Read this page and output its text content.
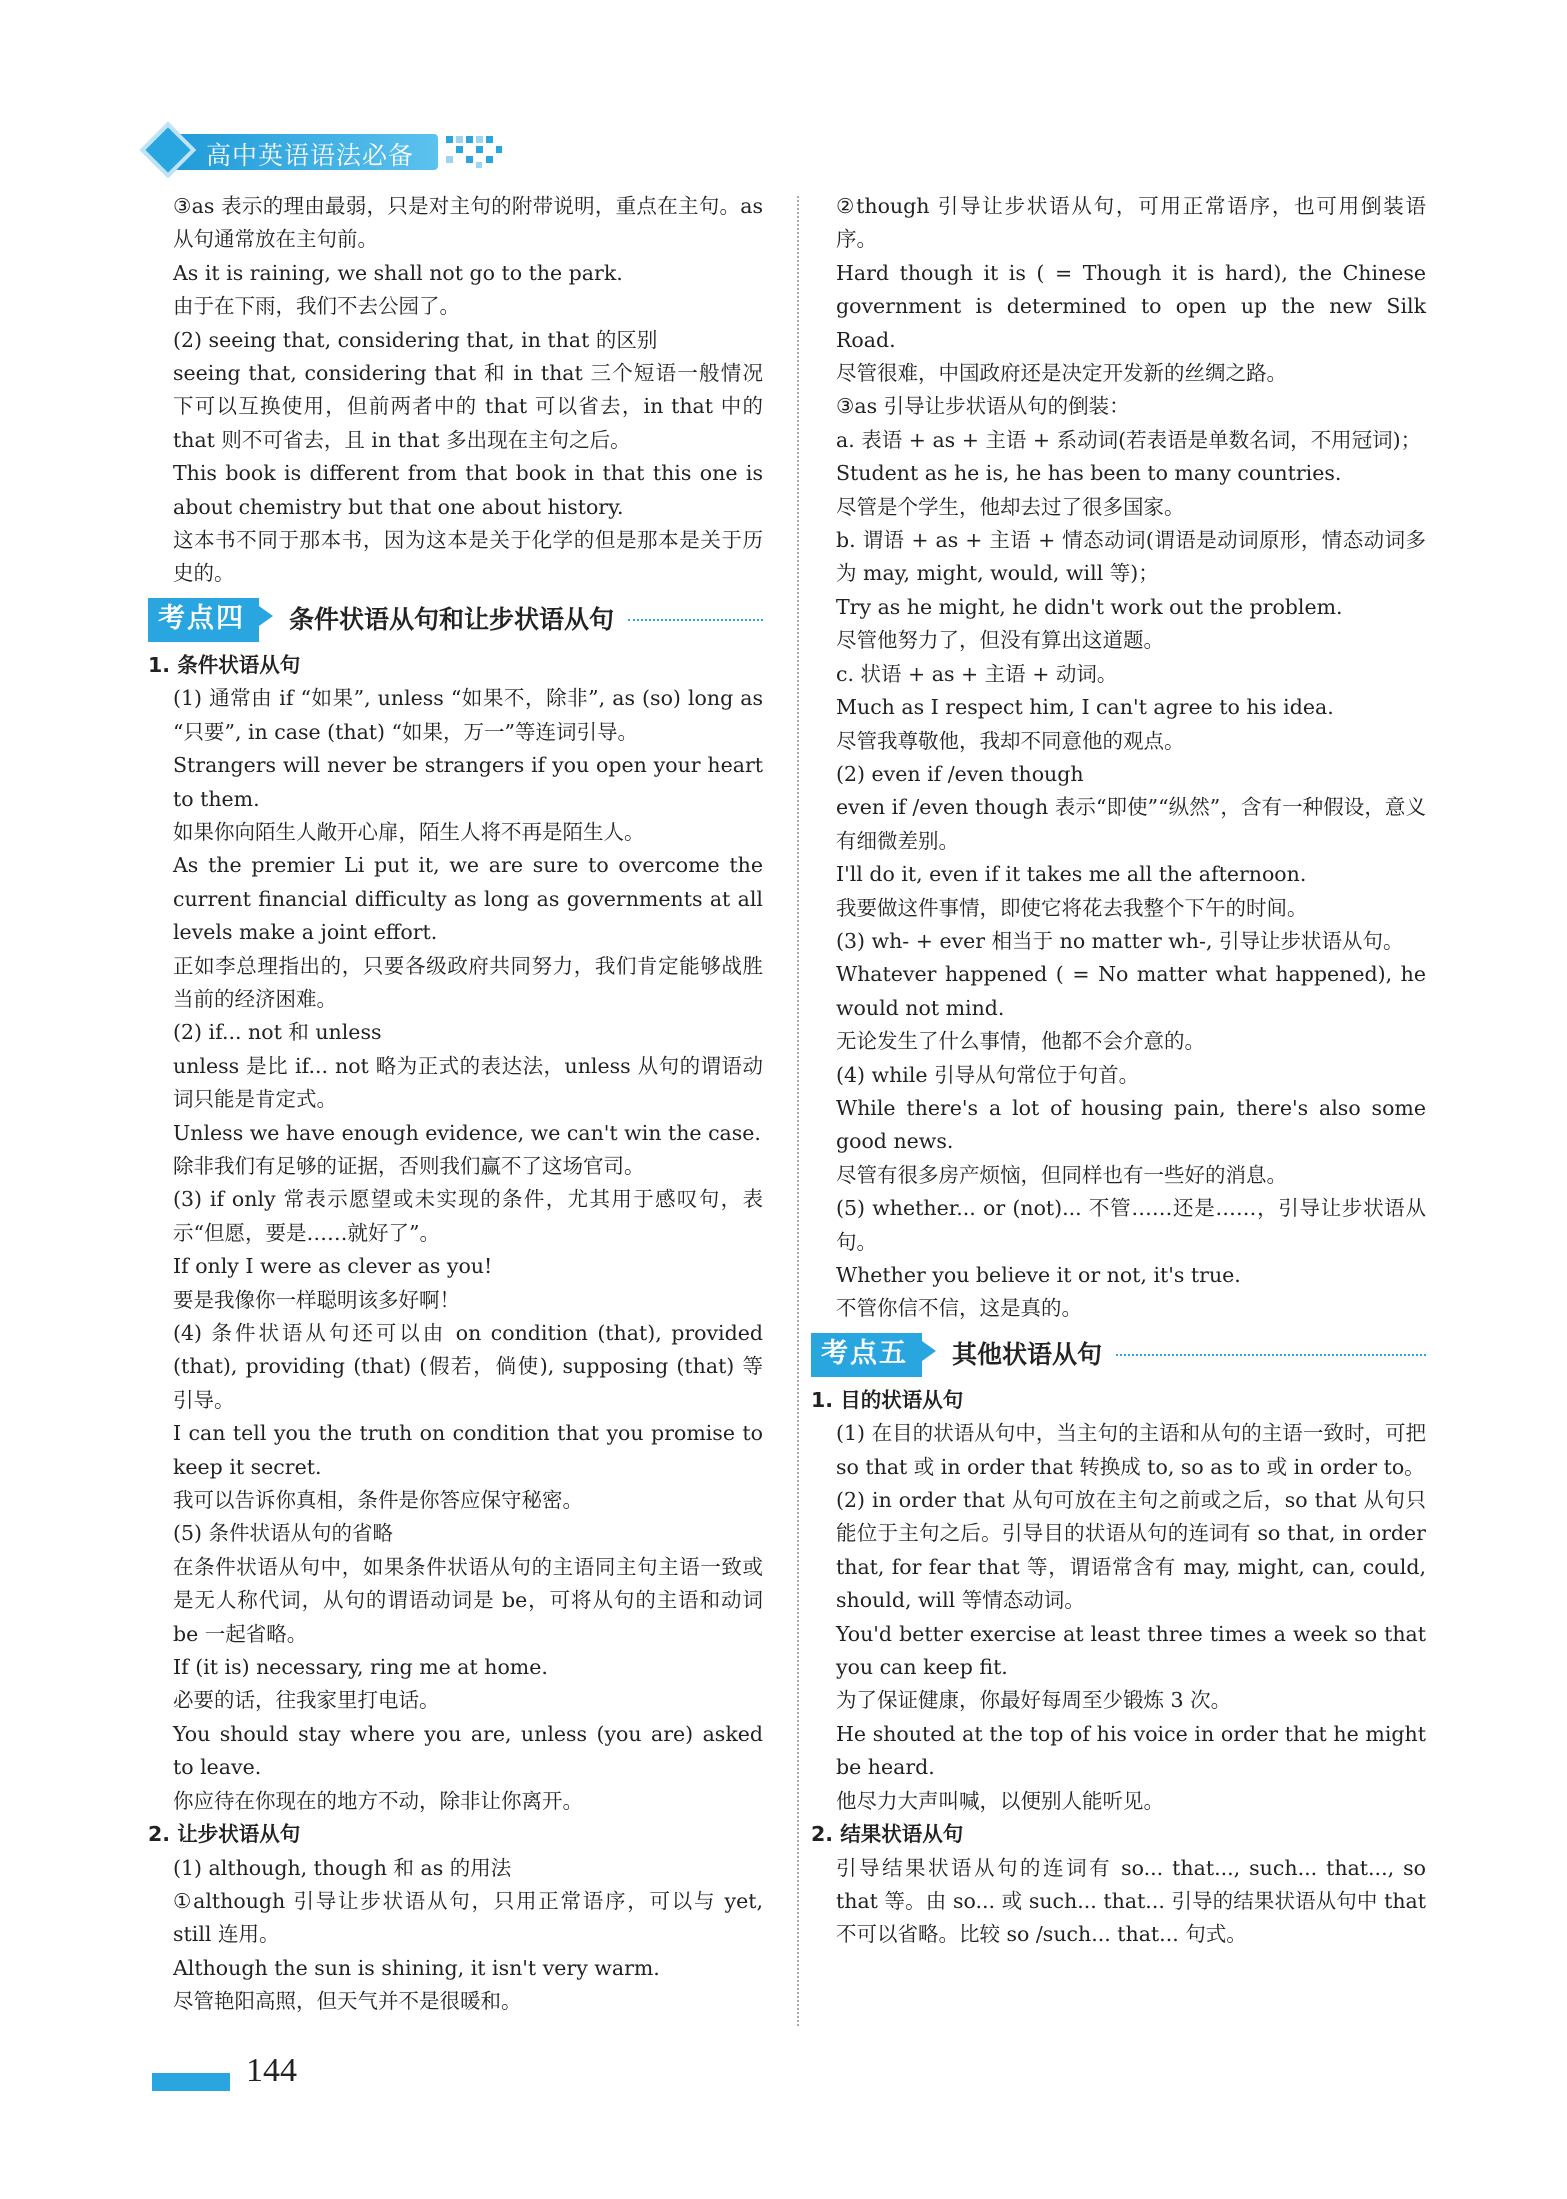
高中英语语法必备

③as 表示的理由最弱，只是对主句的附带说明，重点在主句。as 从句通常放在主句前。

As it is raining, we shall not go to the park.

由于在下雨，我们不去公园了。

(2) seeing that, considering that, in that 的区别

seeing that, considering that 和 in that 三个短语一般情况下可以互换使用，但前两者中的 that 可以省去，in that 中的 that 则不可省去，且 in that 多出现在主句之后。

This book is different from that book in that this one is about chemistry but that one about history.

这本书不同于那本书，因为这本是关于化学的但是那本是关于历史的。

考点四	条件状语从句和让步状语从句

1. 条件状语从句

(1) 通常由 if “如果”, unless “如果不，除非”, as (so) long as “只要”, in case (that) “如果，万一”等连词引导。

Strangers will never be strangers if you open your heart to them.

如果你向陌生人敞开心扉，陌生人将不再是陌生人。

As the premier Li put it, we are sure to overcome the current financial difficulty as long as governments at all levels make a joint effort.

正如李总理指出的，只要各级政府共同努力，我们肯定能够战胜当前的经济困难。

(2) if... not 和 unless

unless 是比 if... not 略为正式的表达法，unless 从句的谓语动词只能是肯定式。

Unless we have enough evidence, we can't win the case.

除非我们有足够的证据，否则我们赢不了这场官司。

(3) if only 常表示愿望或未实现的条件，尤其用于感叹句，表示“但愿，要是……就好了”。

If only I were as clever as you!

要是我像你一样聪明该多好啊！

(4) 条件状语从句还可以由 on condition (that), provided (that), providing (that) (假若，倘使), supposing (that) 等引导。

I can tell you the truth on condition that you promise to keep it secret.

我可以告诉你真相，条件是你答应保守秘密。

(5) 条件状语从句的省略

在条件状语从句中，如果条件状语从句的主语同主句主语一致或是无人称代词，从句的谓语动词是 be，可将从句的主语和动词 be 一起省略。

If (it is) necessary, ring me at home.

必要的话，往我家里打电话。

You should stay where you are, unless (you are) asked to leave.

你应待在你现在的地方不动，除非让你离开。

2. 让步状语从句

(1) although, though 和 as 的用法

①although 引导让步状语从句，只用正常语序，可以与 yet, still 连用。

Although the sun is shining, it isn't very warm.

尽管艳阳高照，但天气并不是很暖和。

②though 引导让步状语从句，可用正常语序，也可用倒装语序。

Hard though it is ( = Though it is hard), the Chinese government is determined to open up the new Silk Road.

尽管很难，中国政府还是决定开发新的丝绸之路。

③as 引导让步状语从句的倒装：

a. 表语 + as + 主语 + 系动词(若表语是单数名词，不用冠词)；

Student as he is, he has been to many countries.

尽管是个学生，他却去过了很多国家。

b. 谓语 + as + 主语 + 情态动词(谓语是动词原形，情态动词多为 may, might, would, will 等)；

Try as he might, he didn't work out the problem.

尽管他努力了，但没有算出这道题。

c. 状语 + as + 主语 + 动词。

Much as I respect him, I can't agree to his idea.

尽管我尊敬他，我却不同意他的观点。

(2) even if /even though

even if /even though 表示“即使”“纵然”，含有一种假设，意义有细微差别。

I'll do it, even if it takes me all the afternoon.

我要做这件事情，即使它将花去我整个下午的时间。

(3) wh- + ever 相当于 no matter wh-, 引导让步状语从句。

Whatever happened ( = No matter what happened), he would not mind.

无论发生了什么事情，他都不会介意的。

(4) while 引导从句常位于句首。

While there's a lot of housing pain, there's also some good news.

尽管有很多房产烦恼，但同样也有一些好的消息。

(5) whether... or (not)... 不管……还是……，引导让步状语从句。

Whether you believe it or not, it's true.

不管你信不信，这是真的。

考点五	其他状语从句

1. 目的状语从句

(1) 在目的状语从句中，当主句的主语和从句的主语一致时，可把 so that 或 in order that 转换成 to, so as to 或 in order to。

(2) in order that 从句可放在主句之前或之后，so that 从句只能位于主句之后。引导目的状语从句的连词有 so that, in order that, for fear that 等，谓语常含有 may, might, can, could, should, will 等情态动词。

You'd better exercise at least three times a week so that you can keep fit.

为了保证健康，你最好每周至少锻炼 3 次。

He shouted at the top of his voice in order that he might be heard.

他尽力大声叫喊，以便别人能听见。

2. 结果状语从句

引导结果状语从句的连词有 so... that..., such... that..., so that 等。由 so... 或 such... that... 引导的结果状语从句中 that 不可以省略。比较 so /such... that... 句式。

144
